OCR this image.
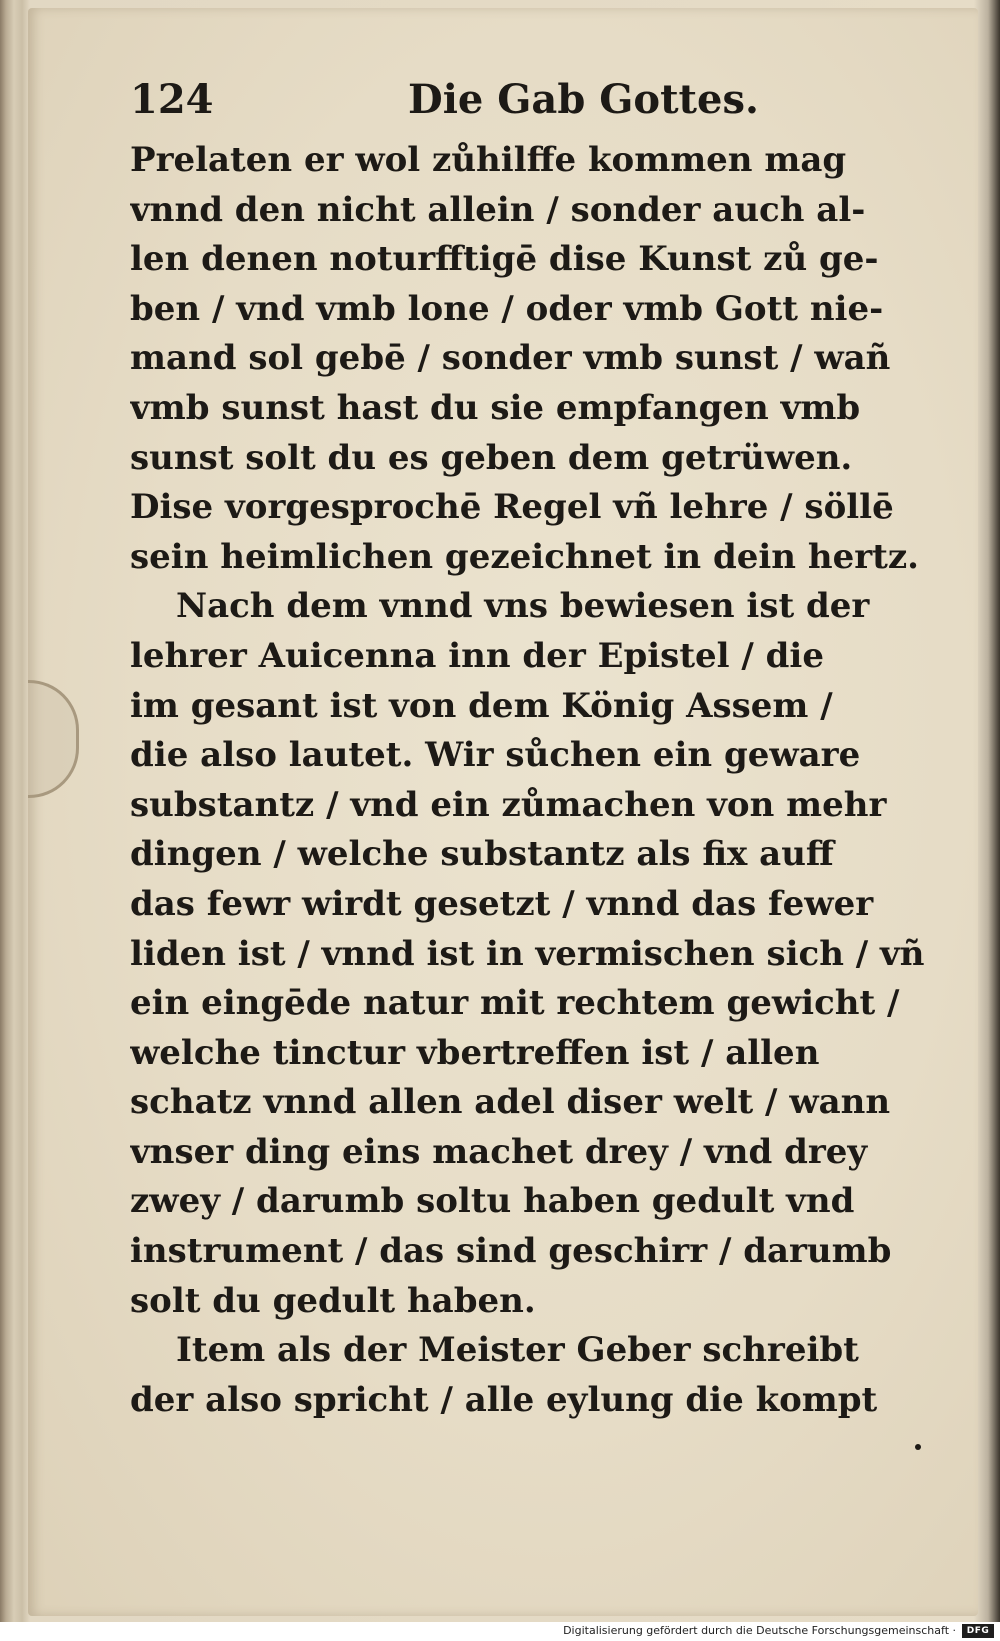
124	Die Gab Gottes.
Prelaten er wol zůhilffe kommen mag
vnnd den nicht allein / sonder auch al-
len denen noturfftigē dise Kunst zů ge-
ben / vnd vmb lone / oder vmb Gott nie-
mand sol gebē / sonder vmb sunst / wañ
vmb sunst hast du sie empfangen vmb
sunst solt du es geben dem getrüwen.
Dise vorgesprochē Regel vñ lehre / söllē
sein heimlichen gezeichnet in dein hertz.
Nach dem vnnd vns bewiesen ist der
lehrer Auicenna inn der Epistel / die
im gesant ist von dem König Assem /
die also lautet. Wir sůchen ein geware
substantz / vnd ein zůmachen von mehr
dingen / welche substantz als fix auff
das fewr wirdt gesetzt / vnnd das fewer
liden ist / vnnd ist in vermischen sich / vñ
ein eingēde natur mit rechtem gewicht /
welche tinctur vbertreffen ist / allen
schatz vnnd allen adel diser welt / wann
vnser ding eins machet drey / vnd drey
zwey / darumb soltu haben gedult vnd
instrument / das sind geschirr / darumb
solt du gedult haben.
Item als der Meister Geber schreibt
der also spricht / alle eylung die kompt
Digitalisierung gefördert durch die Deutsche Forschungsgemeinschaft ·	DFG
